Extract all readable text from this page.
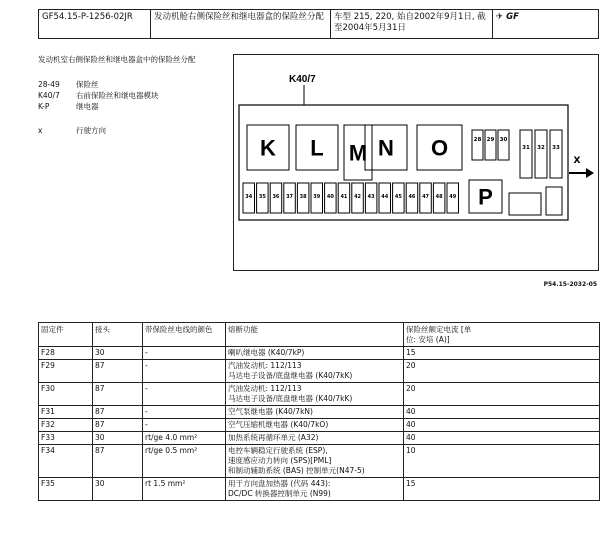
GF54.15-P-1256-02JR	发动机舱右侧保险丝和继电器盒的保险丝分配	车型 215, 220, 始自2002年9月1日, 截至2004年5月31日
✈ GF
发动机室右侧保险丝和继电器盒中的保险丝分配
28-49	保险丝
K40/7	右前保险丝和继电器模块
K-P	继电器
x	行驶方向
K40/7
K L M N O
P
28 29 30
31 32 33
34 35 36 37 38 39 40 41 42 43 44 45 46 47 48 49
X
P54.15-2032-05
固定件	接头	带保险丝电线的颜色	熔断功能	保险丝额定电流 [单位: 安培 (A)]
F28	30	-	喇叭继电器 (K40/7kP)	15
F29	87	-	汽油发动机: 112/113
马达电子设备/底盘继电器 (K40/7kK)	20
F30	87	-	汽油发动机: 112/113
马达电子设备/底盘继电器 (K40/7kK)	20
F31	87	-	空气泵继电器 (K40/7kN)	40
F32	87	-	空气压缩机继电器 (K40/7kO)	40
F33	30	rt/ge 4.0 mm²	加热系统再循环单元 (A32)	40
F34	87	rt/ge 0.5 mm²	电控车辆稳定行驶系统 (ESP),
速度感应动力转向 (SPS)[PML]
和制动辅助系统 (BAS) 控制单元(N47-5)	10
F35	30	rt 1.5 mm²	用于方向盘加热器 (代码 443):
DC/DC 转换器控制单元 (N99)	15
